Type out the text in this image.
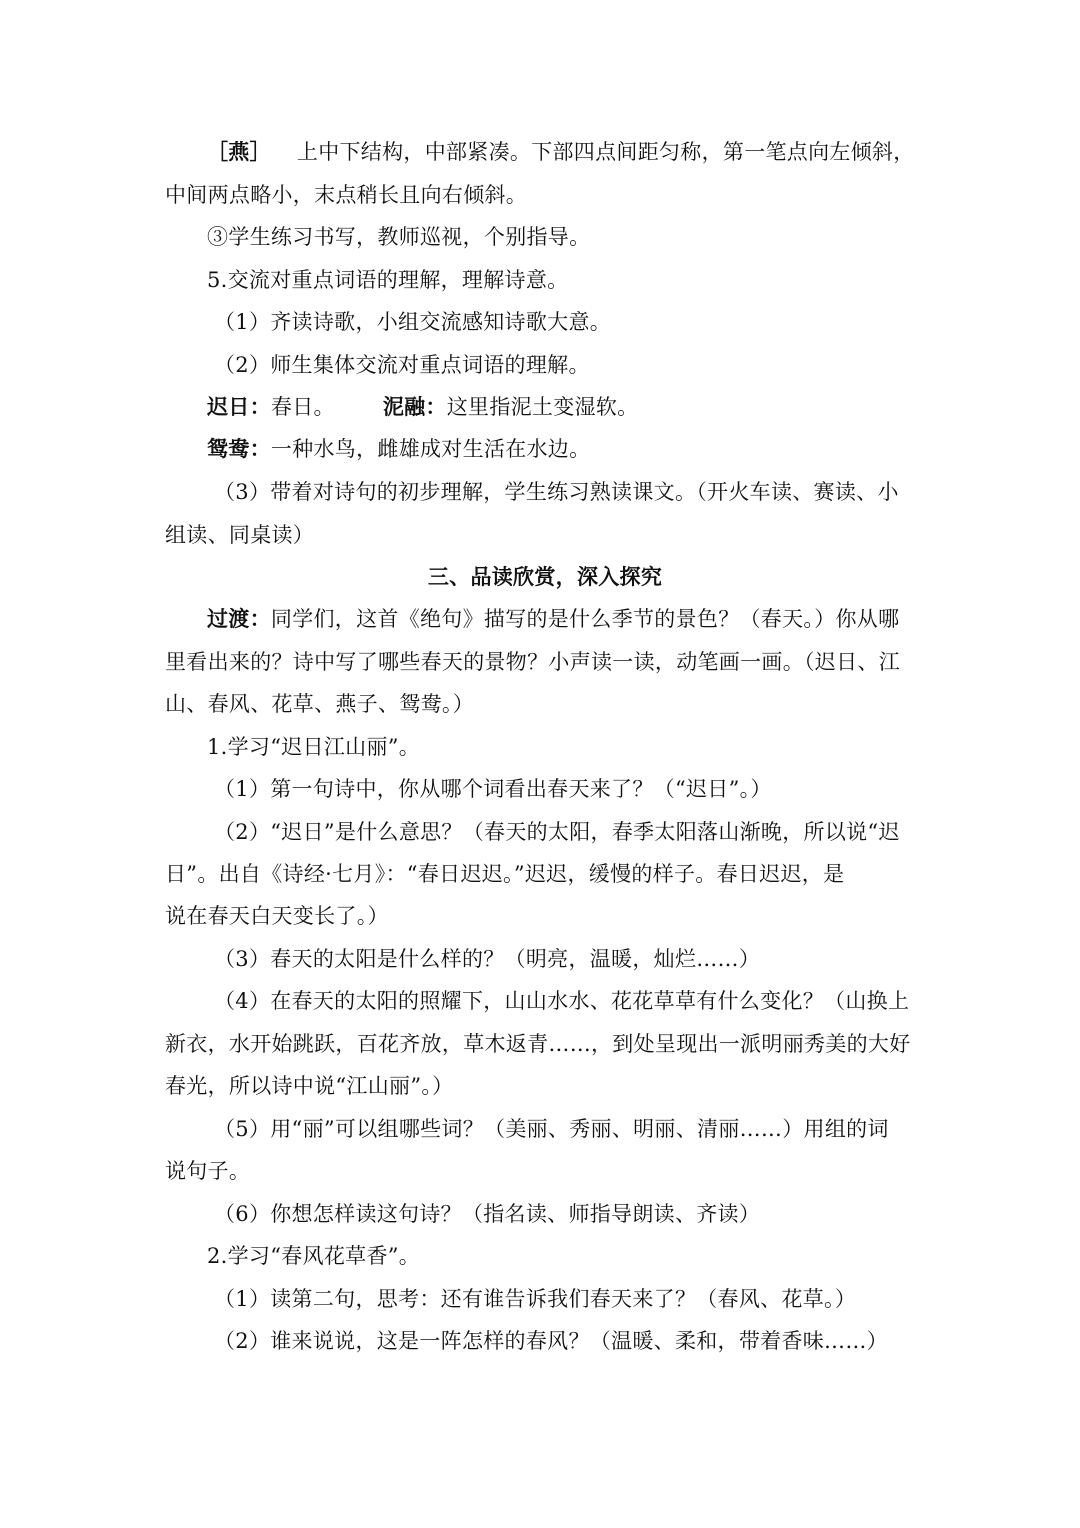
［燕］ 上中下结构，中部紧凑。下部四点间距匀称，第一笔点向左倾斜，
中间两点略小，末点稍长且向右倾斜。
③学生练习书写，教师巡视，个别指导。
5.交流对重点词语的理解，理解诗意。
（1）齐读诗歌，小组交流感知诗歌大意。
（2）师生集体交流对重点词语的理解。
迟日：春日。 泥融：这里指泥土变湿软。
鸳鸯：一种水鸟，雌雄成对生活在水边。
（3）带着对诗句的初步理解，学生练习熟读课文。（开火车读、赛读、小
组读、同桌读）
三、品读欣赏，深入探究
过渡：同学们，这首《绝句》描写的是什么季节的景色？（春天。）你从哪
里看出来的？诗中写了哪些春天的景物？小声读一读，动笔画一画。（迟日、江
山、春风、花草、燕子、鸳鸯。）
1.学习“迟日江山丽”。
（1）第一句诗中，你从哪个词看出春天来了？（“迟日”。）
（2）“迟日”是什么意思？（春天的太阳，春季太阳落山渐晚，所以说“迟
日”。出自《诗经·七月》：“春日迟迟。”迟迟，缓慢的样子。春日迟迟，是
说在春天白天变长了。）
（3）春天的太阳是什么样的？（明亮，温暖，灿烂……）
（4）在春天的太阳的照耀下，山山水水、花花草草有什么变化？（山换上
新衣，水开始跳跃，百花齐放，草木返青……，到处呈现出一派明丽秀美的大好
春光，所以诗中说“江山丽”。）
（5）用“丽”可以组哪些词？（美丽、秀丽、明丽、清丽……）用组的词
说句子。
（6）你想怎样读这句诗？（指名读、师指导朗读、齐读）
2.学习“春风花草香”。
（1）读第二句，思考：还有谁告诉我们春天来了？（春风、花草。）
（2）谁来说说，这是一阵怎样的春风？（温暖、柔和，带着香味……）
